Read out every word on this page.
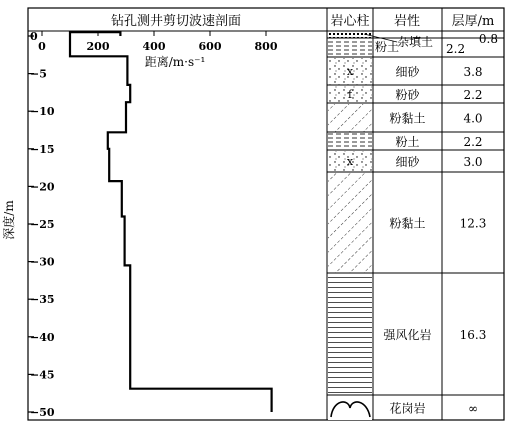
钻孔测井剪切波速剖面	岩心柱 岩性 层厚/m
距离/m·s⁻¹
深度/m
0	200	400	600	800
0
−5
−10
−15
−20
−25
−30
−35
−40
−45
−50
x
f
x
杂填土	0.8
粉土	2.2
细砂	3.8
粉砂	2.2
粉黏土	4.0
粉土	2.2
细砂	3.0
粉黏土	12.3
强风化岩 16.3
花岗岩	∞
